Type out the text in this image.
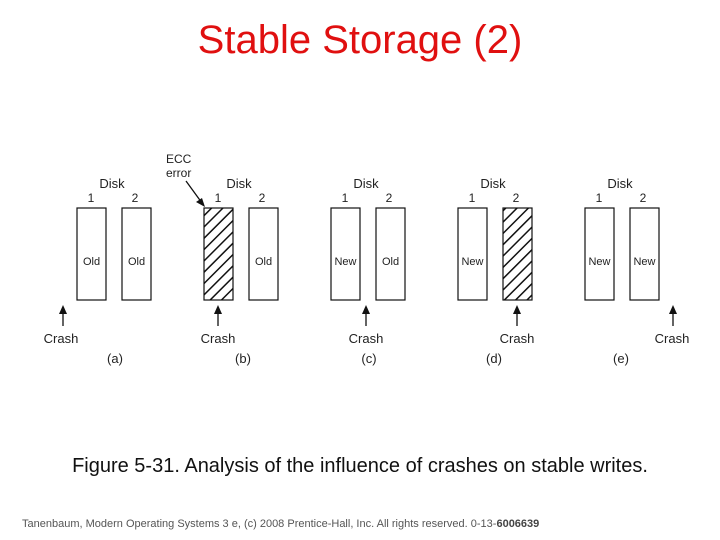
Stable Storage (2)
ECC
error
Disk
1	2
Old	Old
Crash
(a)
Disk
1	2
Old
Crash
(b)
Disk
1	2
New Old
Crash
(c)
Disk
1	2
New
Crash
(d)
Disk
1	2
New New
Crash
(e)
Figure 5-31. Analysis of the influence of crashes on stable writes.
Tanenbaum, Modern Operating Systems 3 e, (c) 2008 Prentice-Hall, Inc. All rights reserved. 0-13-6006639
